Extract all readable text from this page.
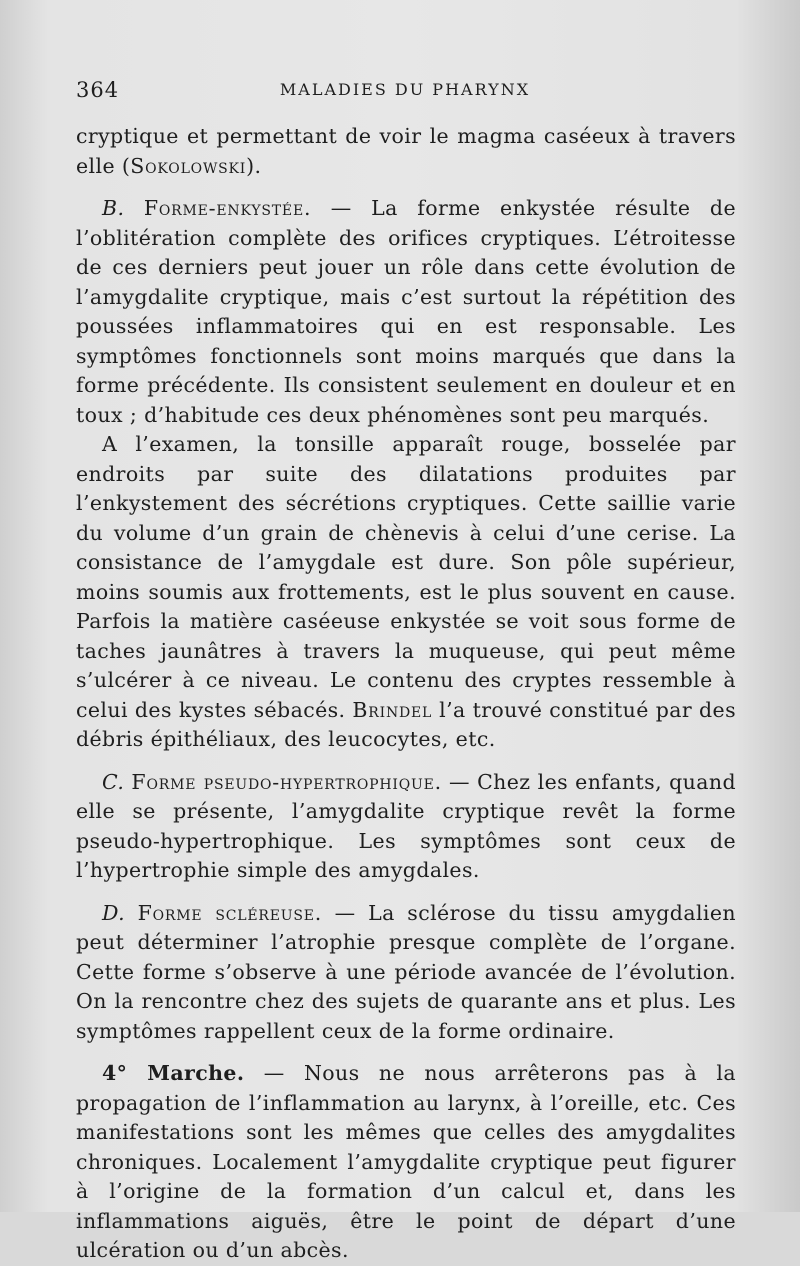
364	MALADIES DU PHARYNX

cryptique et permettant de voir le magma caséeux à travers elle (Sokolowski).

B. Forme-enkystée. — La forme enkystée résulte de l’oblitération complète des orifices cryptiques. L’étroitesse de ces derniers peut jouer un rôle dans cette évolution de l’amygdalite cryptique, mais c’est surtout la répétition des poussées inflammatoires qui en est responsable. Les symptômes fonctionnels sont moins marqués que dans la forme précédente. Ils consistent seulement en douleur et en toux ; d’habitude ces deux phénomènes sont peu marqués.

A l’examen, la tonsille apparaît rouge, bosselée par endroits par suite des dilatations produites par l’enkystement des sécrétions cryptiques. Cette saillie varie du volume d’un grain de chènevis à celui d’une cerise. La consistance de l’amygdale est dure. Son pôle supérieur, moins soumis aux frottements, est le plus souvent en cause. Parfois la matière caséeuse enkystée se voit sous forme de taches jaunâtres à travers la muqueuse, qui peut même s’ulcérer à ce niveau. Le contenu des cryptes ressemble à celui des kystes sébacés. Brindel l’a trouvé constitué par des débris épithéliaux, des leucocytes, etc.

C. Forme pseudo-hypertrophique. — Chez les enfants, quand elle se présente, l’amygdalite cryptique revêt la forme pseudo-hypertrophique. Les symptômes sont ceux de l’hypertrophie simple des amygdales.

D. Forme scléreuse. — La sclérose du tissu amygdalien peut déterminer l’atrophie presque complète de l’organe. Cette forme s’observe à une période avancée de l’évolution. On la rencontre chez des sujets de quarante ans et plus. Les symptômes rappellent ceux de la forme ordinaire.

4° Marche. — Nous ne nous arrêterons pas à la propagation de l’inflammation au larynx, à l’oreille, etc. Ces manifestations sont les mêmes que celles des amygdalites chroniques. Localement l’amygdalite cryptique peut figurer à l’origine de la formation d’un calcul et, dans les inflammations aiguës, être le point de départ d’une ulcération ou d’un abcès.
